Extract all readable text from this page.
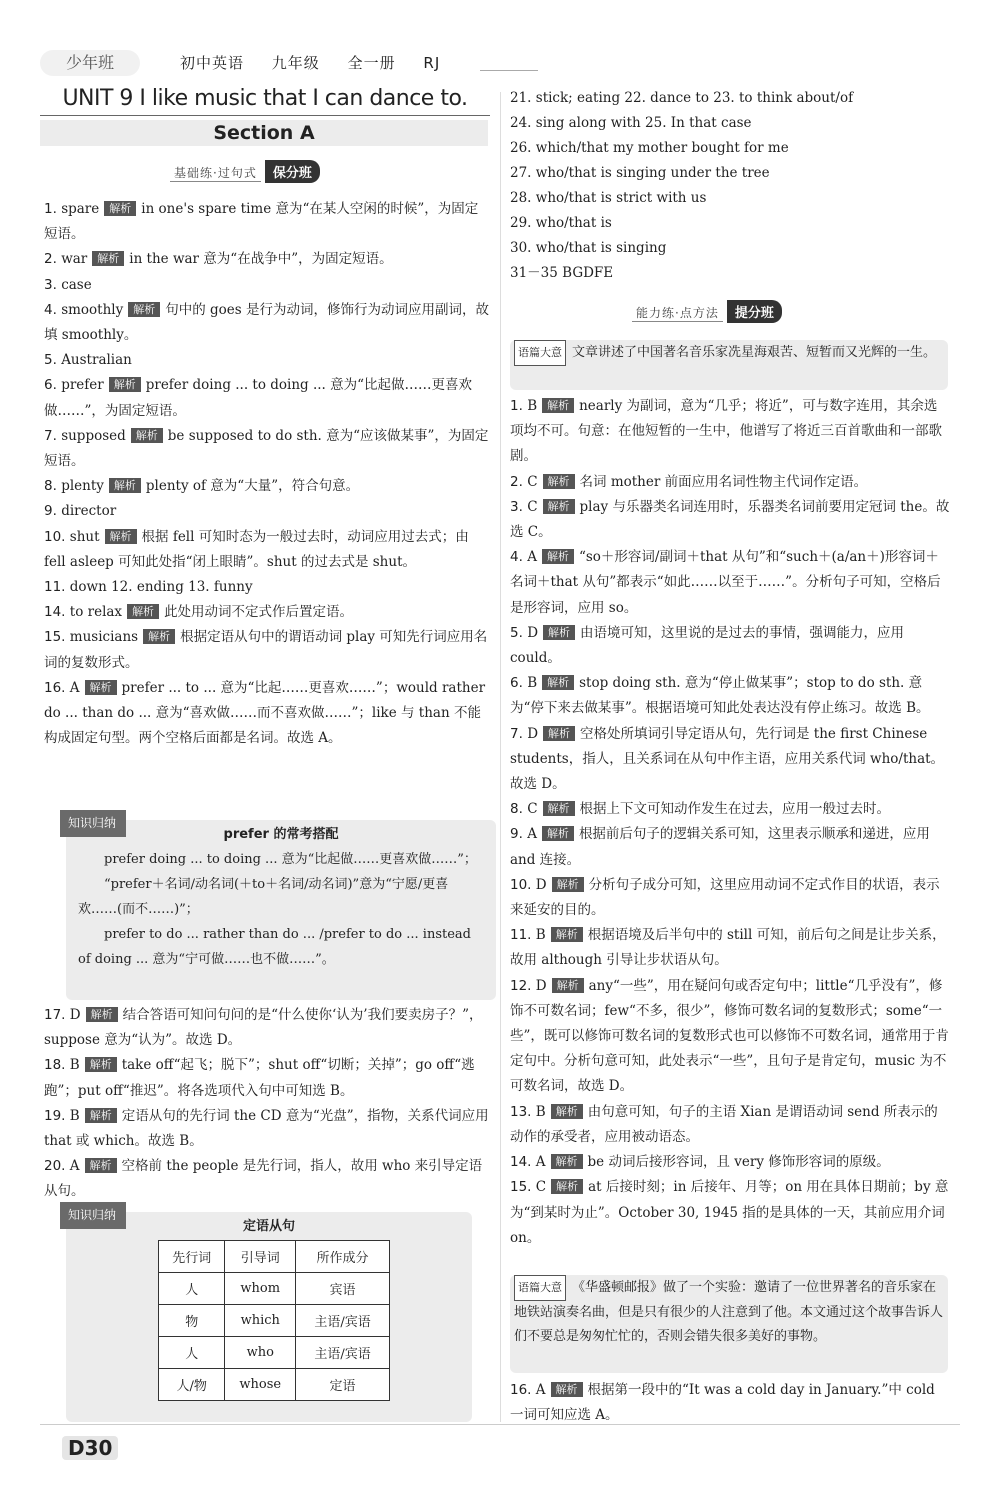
少年班	初中英语 九年级 全一册 RJ
UNIT 9 I like music that I can dance to.
Section A
基础练·过句式 保分班

1. spare 解析 in one's spare time 意为“在某人空闲的时候”，为固定短语。

2. war 解析 in the war 意为“在战争中”，为固定短语。

3. case

4. smoothly 解析 句中的 goes 是行为动词，修饰行为动词应用副词，故填 smoothly。

5. Australian

6. prefer 解析 prefer doing ... to doing ... 意为“比起做……更喜欢做……”，为固定短语。

7. supposed 解析 be supposed to do sth. 意为“应该做某事”，为固定短语。

8. plenty 解析 plenty of 意为“大量”，符合句意。

9. director

10. shut 解析 根据 fell 可知时态为一般过去时，动词应用过去式；由 fell asleep 可知此处指“闭上眼睛”。shut 的过去式是 shut。

11. down 12. ending 13. funny

14. to relax 解析 此处用动词不定式作后置定语。

15. musicians 解析 根据定语从句中的谓语动词 play 可知先行词应用名词的复数形式。

16. A 解析 prefer ... to ... 意为“比起……更喜欢……”；would rather do ... than do ... 意为“喜欢做……而不喜欢做……”；like 与 than 不能构成固定句型。两个空格后面都是名词。故选 A。

知识归纳
prefer 的常考搭配

prefer doing ... to doing ... 意为“比起做……更喜欢做……”；

“prefer＋名词/动名词(＋to＋名词/动名词)”意为“宁愿/更喜欢……(而不……)”；

prefer to do ... rather than do ... /prefer to do ... instead of doing ... 意为“宁可做……也不做……”。

17. D 解析 结合答语可知问句问的是“什么使你‘认为’我们要卖房子？”，suppose 意为“认为”。故选 D。

18. B 解析 take off“起飞；脱下”；shut off“切断；关掉”；go off“逃跑”；put off“推迟”。将各选项代入句中可知选 B。

19. B 解析 定语从句的先行词 the CD 意为“光盘”，指物，关系代词应用 that 或 which。故选 B。

20. A 解析 空格前 the people 是先行词，指人，故用 who 来引导定语从句。

知识归纳
定语从句
先行词	引导词	所作成分
人	whom	宾语
物	which	主语/宾语
人	who	主语/宾语
人/物	whose	定语

21. stick; eating 22. dance to 23. to think about/of

24. sing along with 25. In that case

26. which/that my mother bought for me

27. who/that is singing under the tree

28. who/that is strict with us

29. who/that is

30. who/that is singing

31－35 BGDFE

能力练·点方法 提分班
语篇大意 文章讲述了中国著名音乐家冼星海艰苦、短暂而又光辉的一生。

1. B 解析 nearly 为副词，意为“几乎；将近”，可与数字连用，其余选项均不可。句意：在他短暂的一生中，他谱写了将近三百首歌曲和一部歌剧。

2. C 解析 名词 mother 前面应用名词性物主代词作定语。

3. C 解析 play 与乐器类名词连用时，乐器类名词前要用定冠词 the。故选 C。

4. A 解析 “so＋形容词/副词＋that 从句”和“such＋(a/an＋)形容词＋名词＋that 从句”都表示“如此……以至于……”。分析句子可知，空格后是形容词，应用 so。

5. D 解析 由语境可知，这里说的是过去的事情，强调能力，应用 could。

6. B 解析 stop doing sth. 意为“停止做某事”；stop to do sth. 意为“停下来去做某事”。根据语境可知此处表达没有停止练习。故选 B。

7. D 解析 空格处所填词引导定语从句，先行词是 the first Chinese students，指人，且关系词在从句中作主语，应用关系代词 who/that。故选 D。

8. C 解析 根据上下文可知动作发生在过去，应用一般过去时。

9. A 解析 根据前后句子的逻辑关系可知，这里表示顺承和递进，应用 and 连接。

10. D 解析 分析句子成分可知，这里应用动词不定式作目的状语，表示来延安的目的。

11. B 解析 根据语境及后半句中的 still 可知，前后句之间是让步关系，故用 although 引导让步状语从句。

12. D 解析 any“一些”，用在疑问句或否定句中；little“几乎没有”，修饰不可数名词；few“不多，很少”，修饰可数名词的复数形式；some“一些”，既可以修饰可数名词的复数形式也可以修饰不可数名词，通常用于肯定句中。分析句意可知，此处表示“一些”，且句子是肯定句，music 为不可数名词，故选 D。

13. B 解析 由句意可知，句子的主语 Xian 是谓语动词 send 所表示的动作的承受者，应用被动语态。

14. A 解析 be 动词后接形容词，且 very 修饰形容词的原级。

15. C 解析 at 后接时刻；in 后接年、月等；on 用在具体日期前；by 意为“到某时为止”。October 30, 1945 指的是具体的一天，其前应用介词 on。

语篇大意 《华盛顿邮报》做了一个实验：邀请了一位世界著名的音乐家在地铁站演奏名曲，但是只有很少的人注意到了他。本文通过这个故事告诉人们不要总是匆匆忙忙的，否则会错失很多美好的事物。

16. A 解析 根据第一段中的“It was a cold day in January.”中 cold 一词可知应选 A。

D30
